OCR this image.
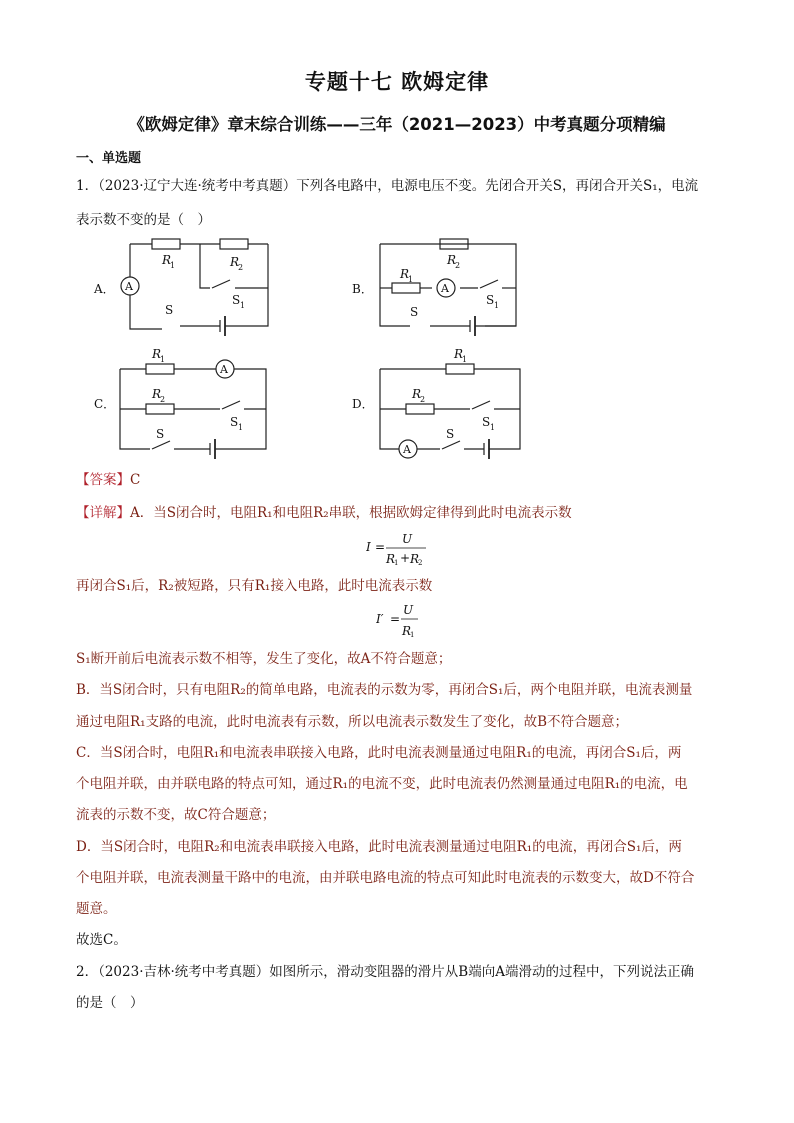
专题十七 欧姆定律
《欧姆定律》章末综合训练——三年（2021—2023）中考真题分项精编
一、单选题
1．（2023·辽宁大连·统考中考真题）下列各电路中，电源电压不变。先闭合开关S，再闭合开关S₁，电流
表示数不变的是（　）
A． A
R
1	R
2
S
S 1
B．
R
2
R
1
A
S
S 1
C．
R
1
A
R
2
S 1
S
D．
R
1
R
2
S 1
S
A
【答案】C
【详解】A．当S闭合时，电阻R₁和电阻R₂串联，根据欧姆定律得到此时电流表示数
I =
U
R
1 + R
2
再闭合S₁后，R₂被短路，只有R₁接入电路，此时电流表示数
I′ =
U
R
1
S₁断开前后电流表示数不相等，发生了变化，故A不符合题意；
B．当S闭合时，只有电阻R₂的简单电路，电流表的示数为零，再闭合S₁后，两个电阻并联，电流表测量
通过电阻R₁支路的电流，此时电流表有示数，所以电流表示数发生了变化，故B不符合题意；
C．当S闭合时，电阻R₁和电流表串联接入电路，此时电流表测量通过电阻R₁的电流，再闭合S₁后，两
个电阻并联，由并联电路的特点可知，通过R₁的电流不变，此时电流表仍然测量通过电阻R₁的电流，电
流表的示数不变，故C符合题意；
D．当S闭合时，电阻R₂和电流表串联接入电路，此时电流表测量通过电阻R₁的电流，再闭合S₁后，两
个电阻并联，电流表测量干路中的电流，由并联电路电流的特点可知此时电流表的示数变大，故D不符合
题意。
故选C。
2．（2023·吉林·统考中考真题）如图所示，滑动变阻器的滑片从B端向A端滑动的过程中，下列说法正确
的是（　）
